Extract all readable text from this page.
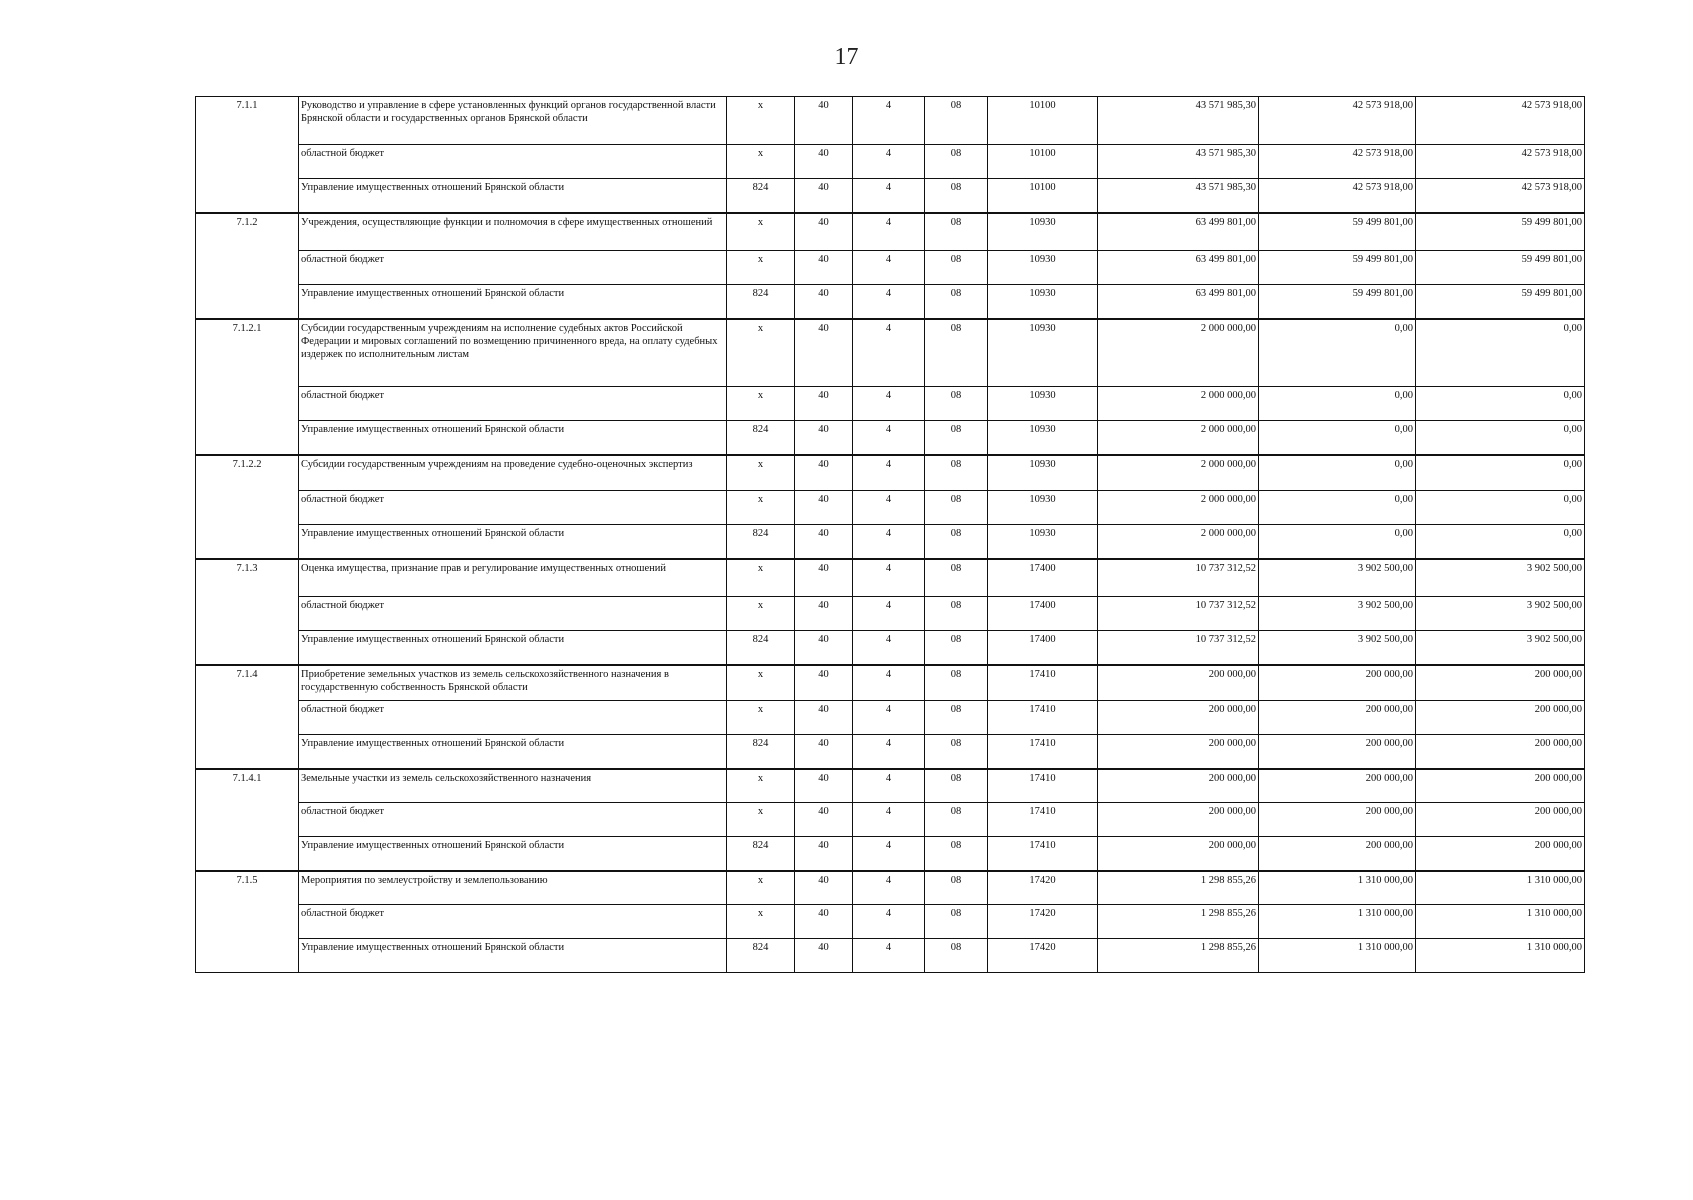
17
7.1.1	Руководство и управление в сфере установленных функций органов государственной власти Брянской области и государственных органов Брянской области	x	40	4	08	10100	43 571 985,30	42 573 918,00	42 573 918,00
	областной бюджет	x	40	4	08	10100	43 571 985,30	42 573 918,00	42 573 918,00
	Управление имущественных отношений Брянской области	824	40	4	08	10100	43 571 985,30	42 573 918,00	42 573 918,00
7.1.2	Учреждения, осуществляющие функции и полномочия в сфере имущественных отношений	x	40	4	08	10930	63 499 801,00	59 499 801,00	59 499 801,00
	областной бюджет	x	40	4	08	10930	63 499 801,00	59 499 801,00	59 499 801,00
	Управление имущественных отношений Брянской области	824	40	4	08	10930	63 499 801,00	59 499 801,00	59 499 801,00
7.1.2.1	Субсидии государственным учреждениям на исполнение судебных актов Российской Федерации и мировых соглашений по возмещению причиненного вреда, на оплату судебных издержек по исполнительным листам	x	40	4	08	10930	2 000 000,00	0,00	0,00
	областной бюджет	x	40	4	08	10930	2 000 000,00	0,00	0,00
	Управление имущественных отношений Брянской области	824	40	4	08	10930	2 000 000,00	0,00	0,00
7.1.2.2	Субсидии государственным учреждениям на проведение судебно-оценочных экспертиз	x	40	4	08	10930	2 000 000,00	0,00	0,00
	областной бюджет	x	40	4	08	10930	2 000 000,00	0,00	0,00
	Управление имущественных отношений Брянской области	824	40	4	08	10930	2 000 000,00	0,00	0,00
7.1.3	Оценка имущества, признание прав и регулирование имущественных отношений	x	40	4	08	17400	10 737 312,52	3 902 500,00	3 902 500,00
	областной бюджет	x	40	4	08	17400	10 737 312,52	3 902 500,00	3 902 500,00
	Управление имущественных отношений Брянской области	824	40	4	08	17400	10 737 312,52	3 902 500,00	3 902 500,00
7.1.4	Приобретение земельных участков из земель сельскохозяйственного назначения в государственную собственность Брянской области	x	40	4	08	17410	200 000,00	200 000,00	200 000,00
	областной бюджет	x	40	4	08	17410	200 000,00	200 000,00	200 000,00
	Управление имущественных отношений Брянской области	824	40	4	08	17410	200 000,00	200 000,00	200 000,00
7.1.4.1	Земельные участки из земель сельскохозяйственного назначения	x	40	4	08	17410	200 000,00	200 000,00	200 000,00
	областной бюджет	x	40	4	08	17410	200 000,00	200 000,00	200 000,00
	Управление имущественных отношений Брянской области	824	40	4	08	17410	200 000,00	200 000,00	200 000,00
7.1.5	Мероприятия по землеустройству и землепользованию	x	40	4	08	17420	1 298 855,26	1 310 000,00	1 310 000,00
	областной бюджет	x	40	4	08	17420	1 298 855,26	1 310 000,00	1 310 000,00
	Управление имущественных отношений Брянской области	824	40	4	08	17420	1 298 855,26	1 310 000,00	1 310 000,00
